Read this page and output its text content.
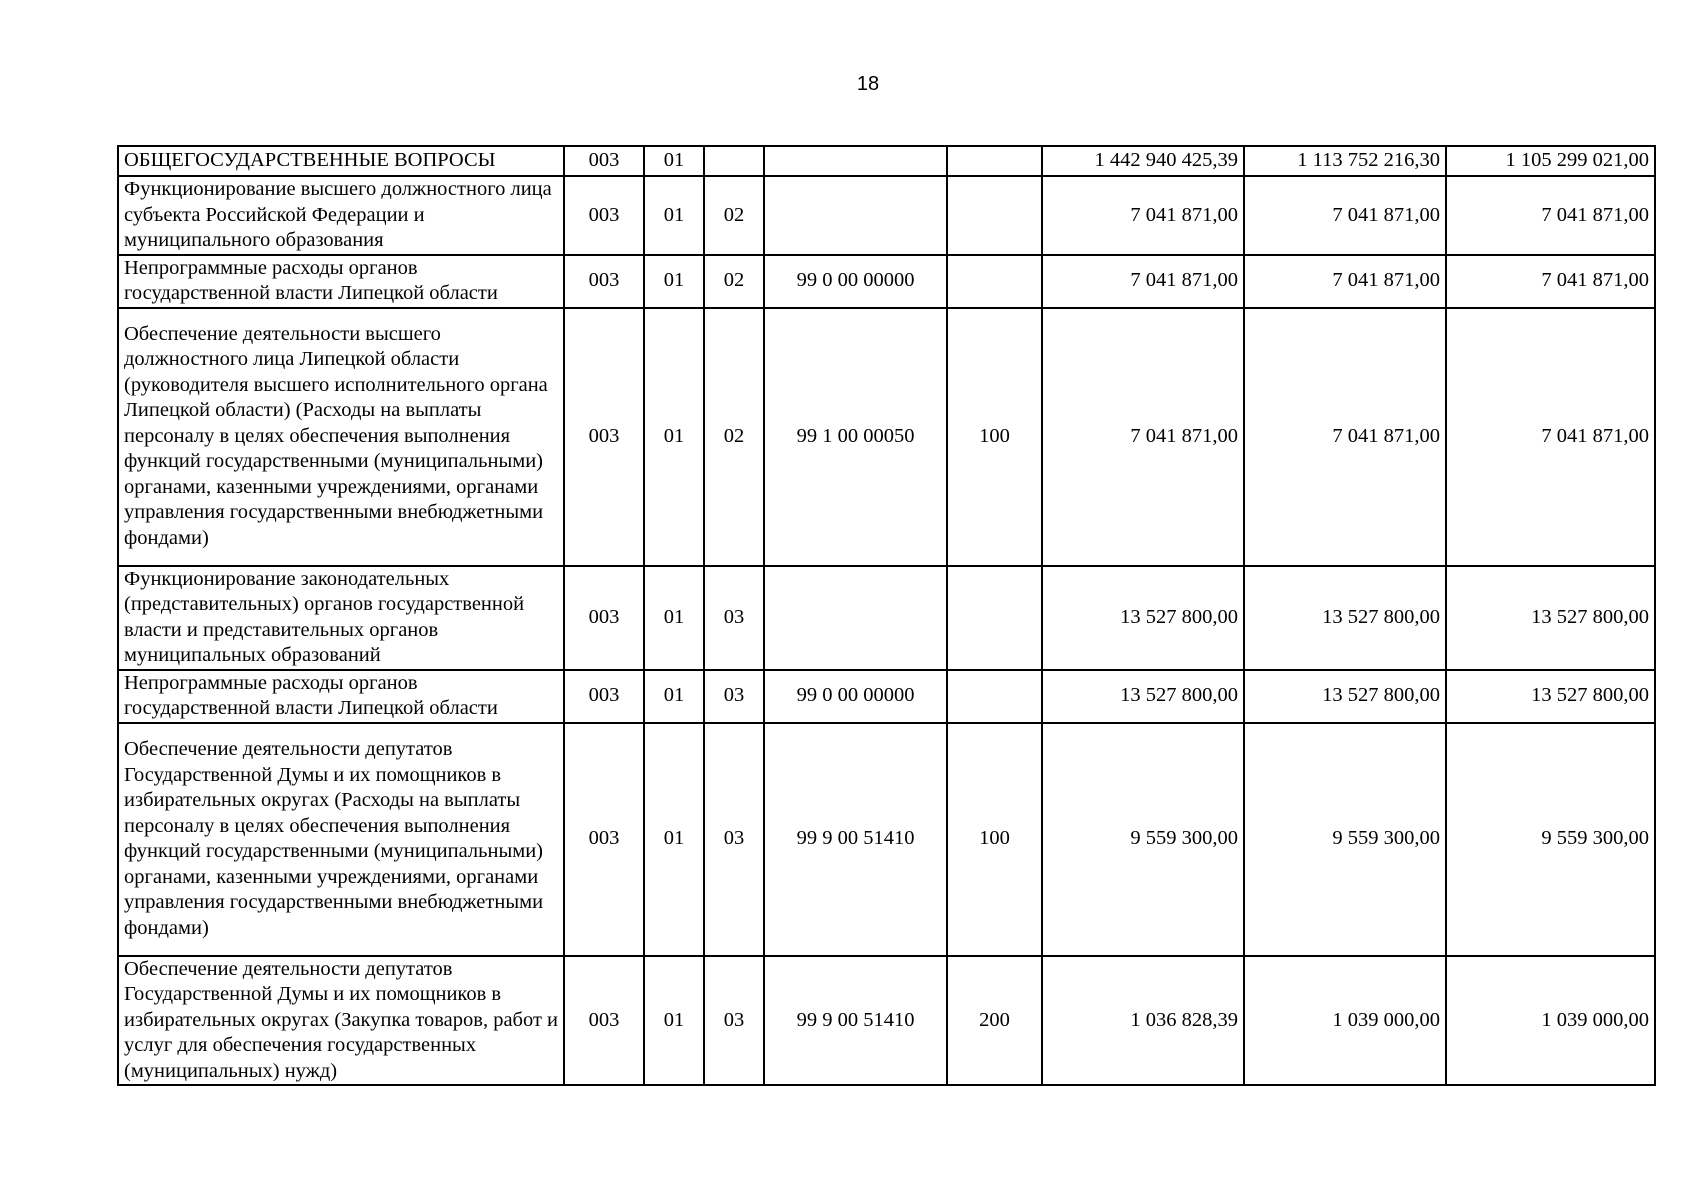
18
ОБЩЕГОСУДАРСТВЕННЫЕ ВОПРОСЫ	003	01				1 442 940 425,39	1 113 752 216,30	1 105 299 021,00
Функционирование высшего должностного лица субъекта Российской Федерации и муниципального образования	003	01	02			7 041 871,00	7 041 871,00	7 041 871,00
Непрограммные расходы органов государственной власти Липецкой области	003	01	02	99 0 00 00000		7 041 871,00	7 041 871,00	7 041 871,00
Обеспечение деятельности высшего должностного лица Липецкой области (руководителя высшего исполнительного органа Липецкой области) (Расходы на выплаты персоналу в целях обеспечения выполнения функций государственными (муниципальными) органами, казенными учреждениями, органами управления государственными внебюджетными фондами)	003	01	02	99 1 00 00050	100	7 041 871,00	7 041 871,00	7 041 871,00
Функционирование законодательных (представительных) органов государственной власти и представительных органов муниципальных образований	003	01	03			13 527 800,00	13 527 800,00	13 527 800,00
Непрограммные расходы органов государственной власти Липецкой области	003	01	03	99 0 00 00000		13 527 800,00	13 527 800,00	13 527 800,00
Обеспечение деятельности депутатов Государственной Думы и их помощников в избирательных округах (Расходы на выплаты персоналу в целях обеспечения выполнения функций государственными (муниципальными) органами, казенными учреждениями, органами управления государственными внебюджетными фондами)	003	01	03	99 9 00 51410	100	9 559 300,00	9 559 300,00	9 559 300,00
Обеспечение деятельности депутатов Государственной Думы и их помощников в избирательных округах (Закупка товаров, работ и услуг для обеспечения государственных (муниципальных) нужд)	003	01	03	99 9 00 51410	200	1 036 828,39	1 039 000,00	1 039 000,00
